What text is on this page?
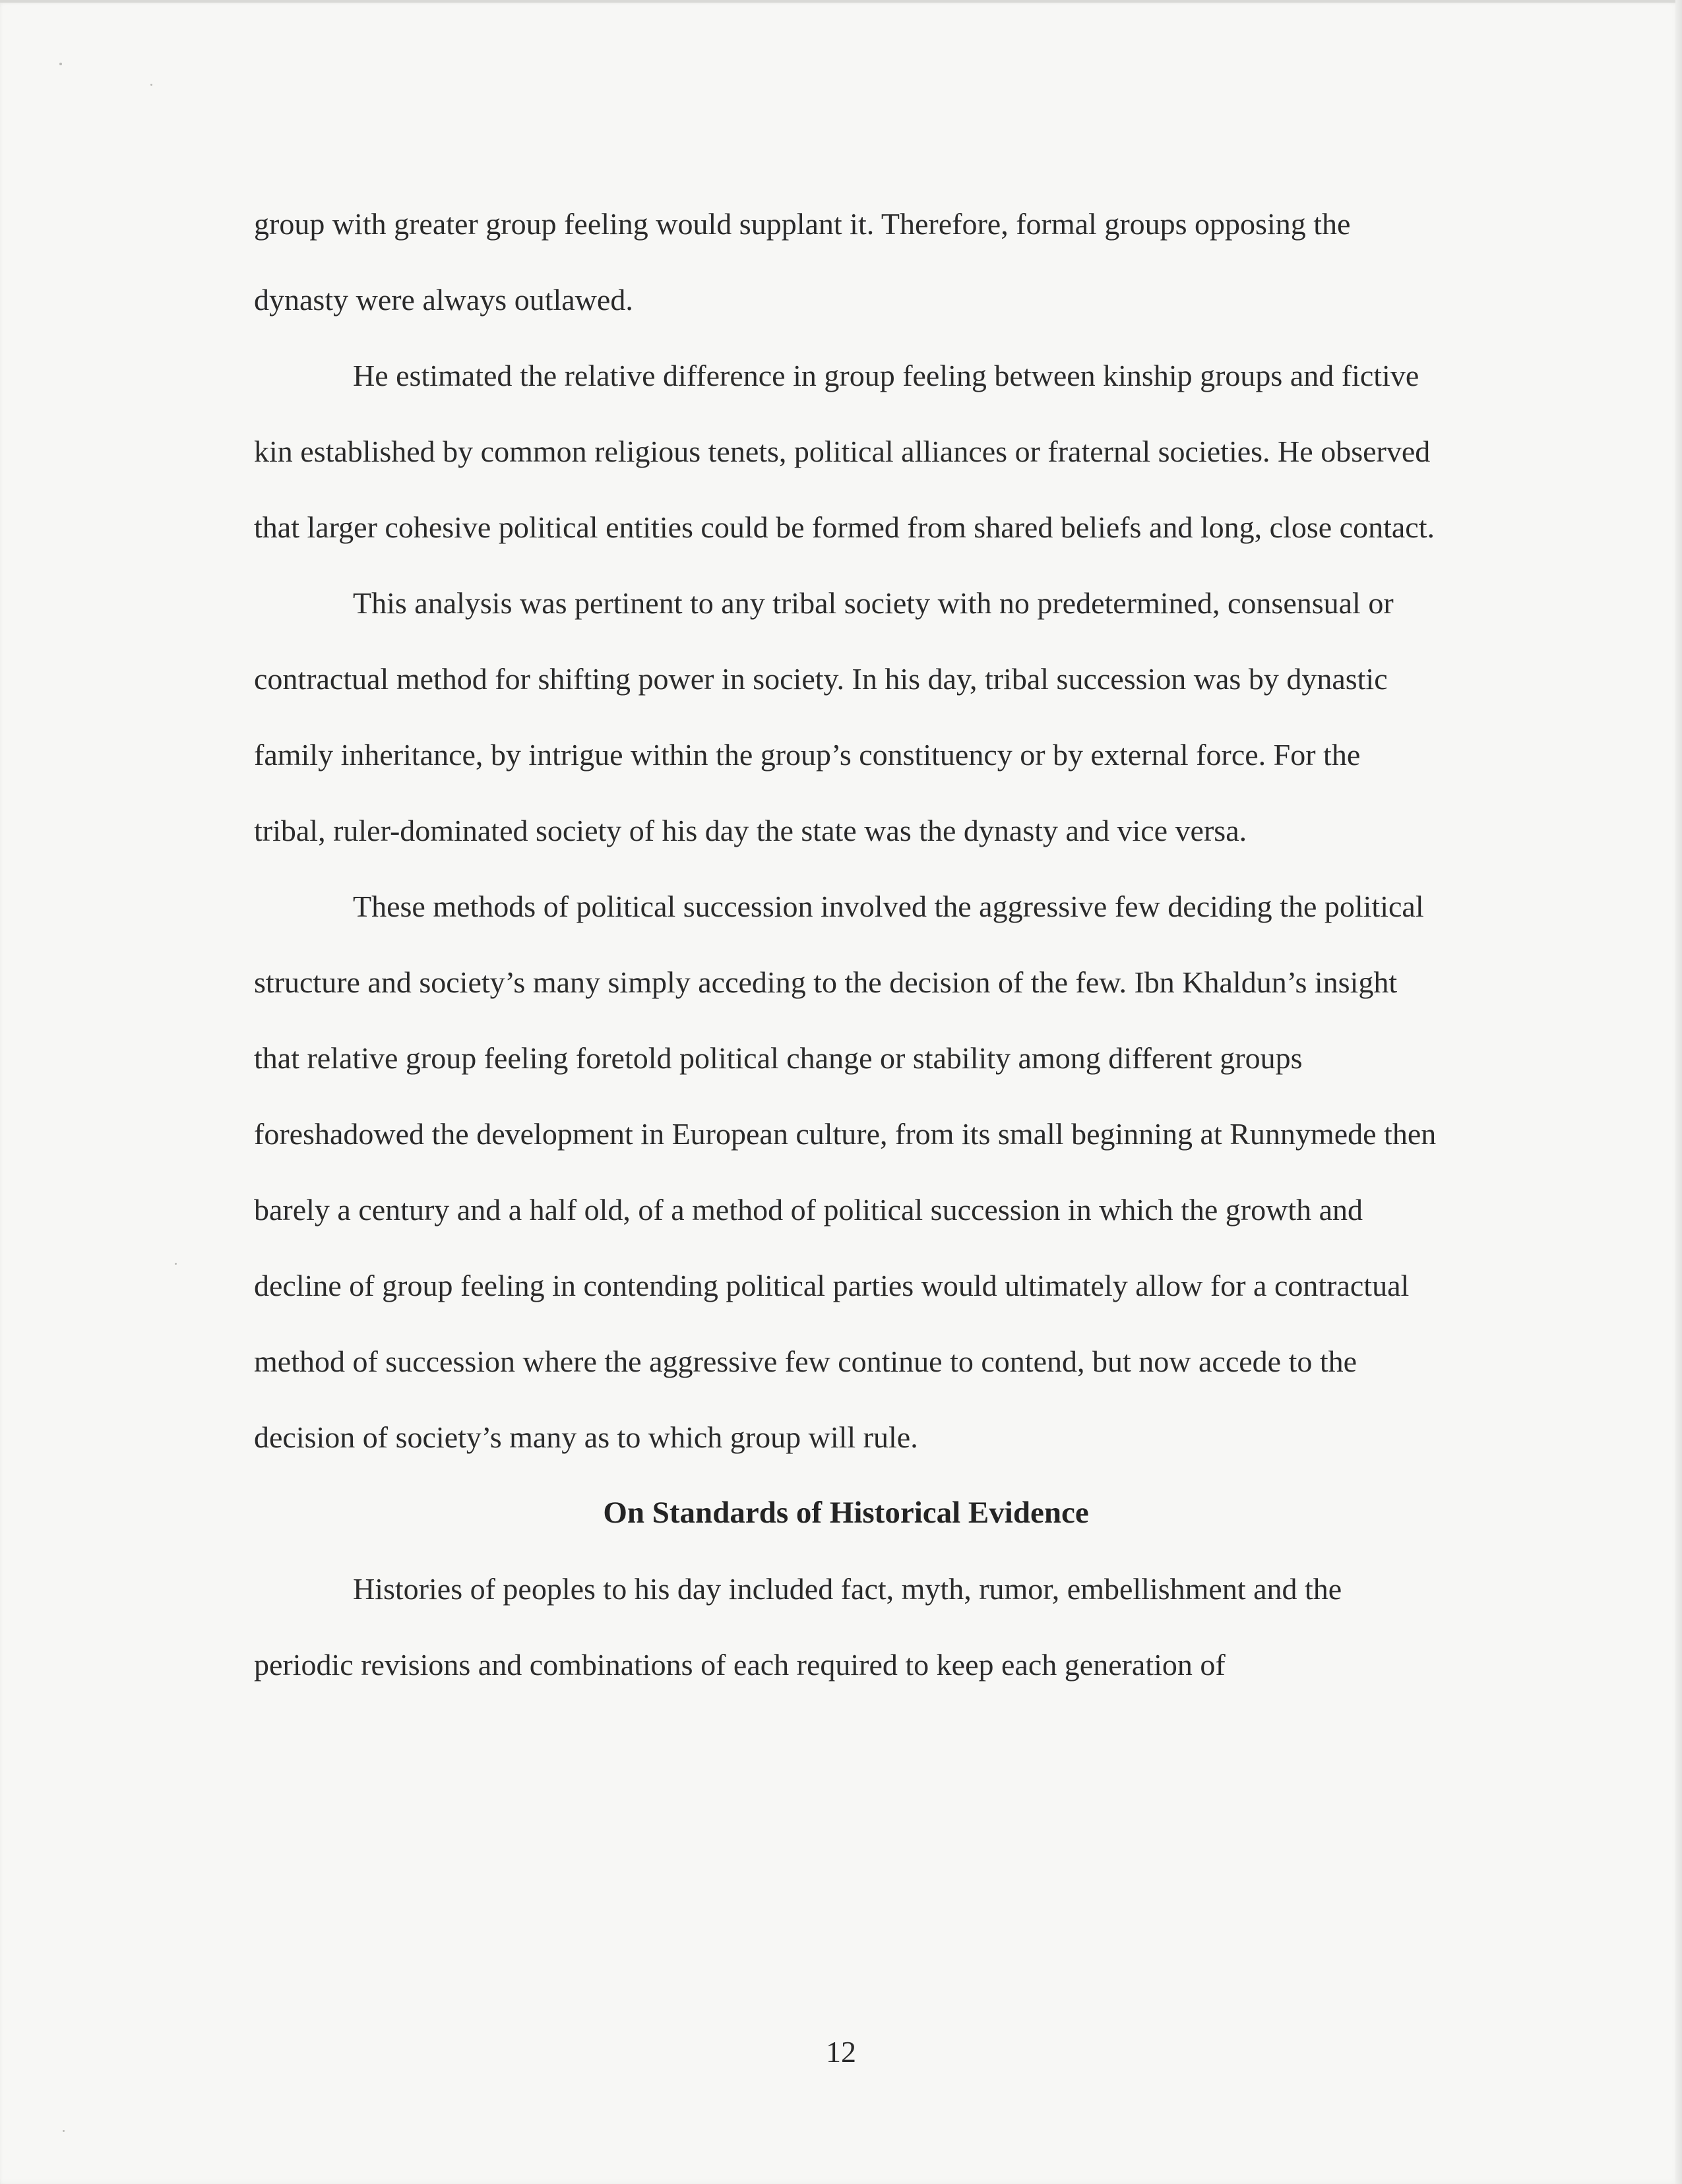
group with greater group feeling would supplant it. Therefore, formal groups opposing the dynasty were always outlawed.

He estimated the relative difference in group feeling between kinship groups and fictive kin established by common religious tenets, political alliances or fraternal societies. He observed that larger cohesive political entities could be formed from shared beliefs and long, close contact.

This analysis was pertinent to any tribal society with no predetermined, consensual or contractual method for shifting power in society. In his day, tribal succession was by dynastic family inheritance, by intrigue within the group’s constituency or by external force. For the tribal, ruler-dominated society of his day the state was the dynasty and vice versa.

These methods of political succession involved the aggressive few deciding the political structure and society’s many simply acceding to the decision of the few. Ibn Khaldun’s insight that relative group feeling foretold political change or stability among different groups foreshadowed the development in European culture, from its small beginning at Runnymede then barely a century and a half old, of a method of political succession in which the growth and decline of group feeling in contending political parties would ultimately allow for a contractual method of succession where the aggressive few continue to contend, but now accede to the decision of society’s many as to which group will rule.

On Standards of Historical Evidence

Histories of peoples to his day included fact, myth, rumor, embellishment and the periodic revisions and combinations of each required to keep each generation of

12
